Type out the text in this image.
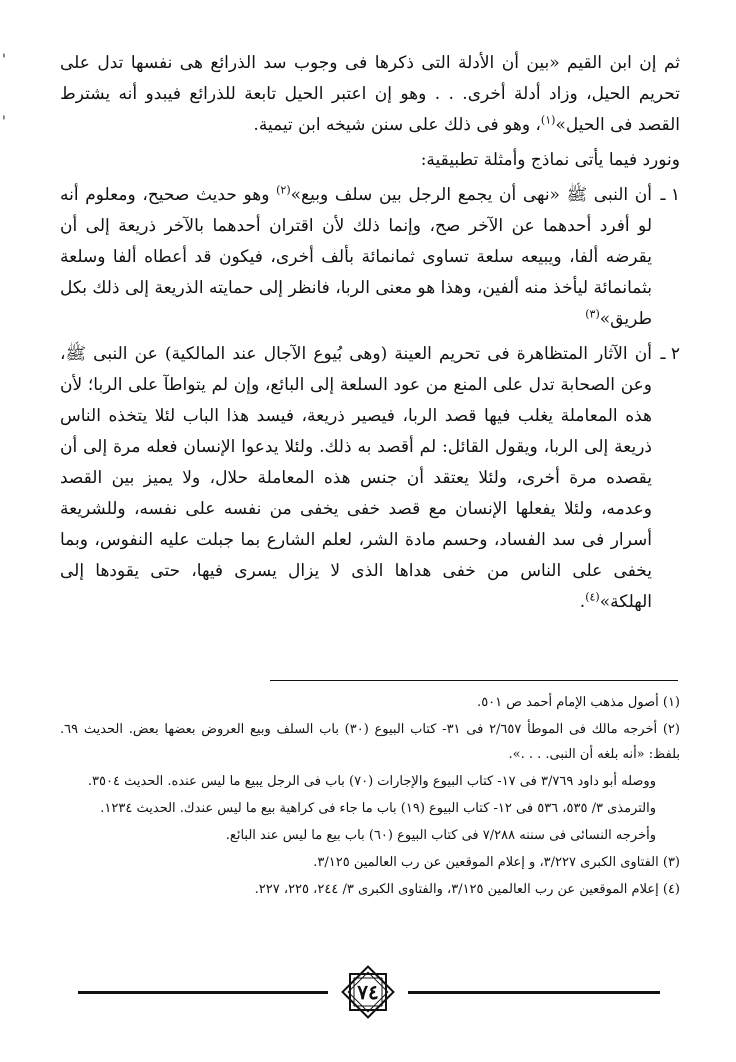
'
'

ثم إن ابن القيم «بين أن الأدلة التى ذكرها فى وجوب سد الذرائع هى نفسها تدل على تحريم الحيل، وزاد أدلة أخرى. . . وهو إن اعتبر الحيل تابعة للذرائع فيبدو أنه يشترط القصد فى الحيل»$^{(١)}$، وهو فى ذلك على سنن شيخه ابن تيمية.

ونورد فيما يأتى نماذج وأمثلة تطبيقية:

١ ـ
أن النبى ﷺ «نهى أن يجمع الرجل بين سلف وبيع»$^{(٢)}$ وهو حديث صحيح، ومعلوم أنه لو أفرد أحدهما عن الآخر صح، وإنما ذلك لأن اقتران أحدهما بالآخر ذريعة إلى أن يقرضه ألفا، ويبيعه سلعة تساوى ثمانمائة بألف أخرى، فيكون قد أعطاه ألفا وسلعة بثمانمائة ليأخذ منه ألفين، وهذا هو معنى الربا، فانظر إلى حمايته الذريعة إلى ذلك بكل طريق»$^{(٣)}$
٢ ـ
أن الآثار المتظاهرة فى تحريم العينة (وهى بُيوع الآجال عند المالكية) عن النبى ﷺ، وعن الصحابة تدل على المنع من عود السلعة إلى البائع، وإن لم يتواطآ على الربا؛ لأن هذه المعاملة يغلب فيها قصد الربا، فيصير ذريعة، فيسد هذا الباب لئلا يتخذه الناس ذريعة إلى الربا، ويقول القائل: لم أقصد به ذلك. ولئلا يدعوا الإنسان فعله مرة إلى أن يقصده مرة أخرى، ولئلا يعتقد أن جنس هذه المعاملة حلال، ولا يميز بين القصد وعدمه، ولئلا يفعلها الإنسان مع قصد خفى يخفى من نفسه على نفسه، وللشريعة أسرار فى سد الفساد، وحسم مادة الشر، لعلم الشارع بما جبلت عليه النفوس، وبما يخفى على الناس من خفى هداها الذى لا يزال يسرى فيها، حتى يقودها إلى الهلكة»$^{(٤)}$.
(١) أصول مذهب الإمام أحمد ص ٥٠١.
(٢) أخرجه مالك فى الموطأ ٢/٦٥٧ فى ٣١- كتاب البيوع (٣٠) باب السلف وبيع العروض بعضها بعض. الحديث ٦٩. بلفظ: «أنه بلغه أن النبى. . . .».
ووصله أبو داود ٣/٧٦٩ فى ١٧- كتاب البيوع والإجارات (٧٠) باب فى الرجل يبيع ما ليس عنده. الحديث ٣٥٠٤.
والترمذى ٣/ ٥٣٥، ٥٣٦ فى ١٢- كتاب البيوع (١٩) باب ما جاء فى كراهية بيع ما ليس عندك. الحديث ١٢٣٤.
وأخرجه النسائى فى سننه ٧/٢٨٨ فى كتاب البيوع (٦٠) باب بيع ما ليس عند البائع.
(٣) الفتاوى الكبرى ٣/٢٢٧، و إعلام الموقعين عن رب العالمين ٣/١٢٥.
(٤) إعلام الموقعين عن رب العالمين ٣/١٢٥، والفتاوى الكبرى ٣/ ٢٤٤، ٢٢٥، ٢٢٧.
٧٤
